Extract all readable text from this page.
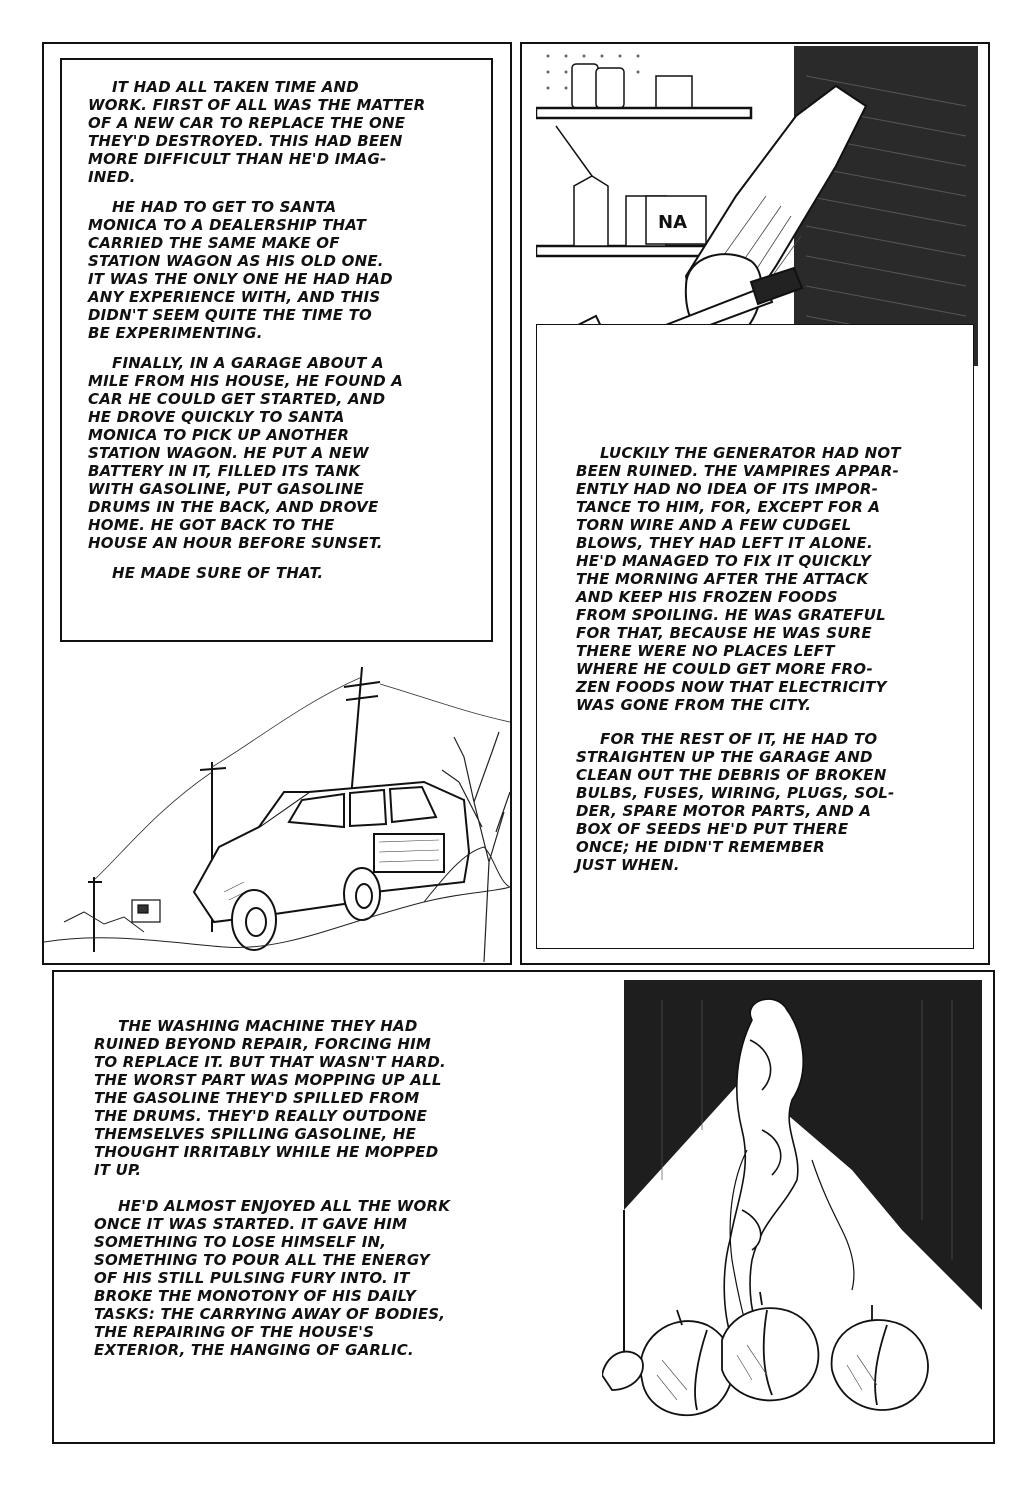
IT HAD ALL TAKEN TIME AND
WORK. FIRST OF ALL WAS THE MATTER
OF A NEW CAR TO REPLACE THE ONE
THEY'D DESTROYED. THIS HAD BEEN
MORE DIFFICULT THAN HE'D IMAG-
INED.

HE HAD TO GET TO SANTA
MONICA TO A DEALERSHIP THAT
CARRIED THE SAME MAKE OF
STATION WAGON AS HIS OLD ONE.
IT WAS THE ONLY ONE HE HAD HAD
ANY EXPERIENCE WITH, AND THIS
DIDN'T SEEM QUITE THE TIME TO
BE EXPERIMENTING.

FINALLY, IN A GARAGE ABOUT A
MILE FROM HIS HOUSE, HE FOUND A
CAR HE COULD GET STARTED, AND
HE DROVE QUICKLY TO SANTA
MONICA TO PICK UP ANOTHER
STATION WAGON. HE PUT A NEW
BATTERY IN IT, FILLED ITS TANK
WITH GASOLINE, PUT GASOLINE
DRUMS IN THE BACK, AND DROVE
HOME. HE GOT BACK TO THE
HOUSE AN HOUR BEFORE SUNSET.

HE MADE SURE OF THAT.

NA

LUCKILY THE GENERATOR HAD NOT
BEEN RUINED. THE VAMPIRES APPAR-
ENTLY HAD NO IDEA OF ITS IMPOR-
TANCE TO HIM, FOR, EXCEPT FOR A
TORN WIRE AND A FEW CUDGEL
BLOWS, THEY HAD LEFT IT ALONE.
HE'D MANAGED TO FIX IT QUICKLY
THE MORNING AFTER THE ATTACK
AND KEEP HIS FROZEN FOODS
FROM SPOILING. HE WAS GRATEFUL
FOR THAT, BECAUSE HE WAS SURE
THERE WERE NO PLACES LEFT
WHERE HE COULD GET MORE FRO-
ZEN FOODS NOW THAT ELECTRICITY
WAS GONE FROM THE CITY.

FOR THE REST OF IT, HE HAD TO
STRAIGHTEN UP THE GARAGE AND
CLEAN OUT THE DEBRIS OF BROKEN
BULBS, FUSES, WIRING, PLUGS, SOL-
DER, SPARE MOTOR PARTS, AND A
BOX OF SEEDS HE'D PUT THERE
ONCE; HE DIDN'T REMEMBER
JUST WHEN.

THE WASHING MACHINE THEY HAD
RUINED BEYOND REPAIR, FORCING HIM
TO REPLACE IT. BUT THAT WASN'T HARD.
THE WORST PART WAS MOPPING UP ALL
THE GASOLINE THEY'D SPILLED FROM
THE DRUMS. THEY'D REALLY OUTDONE
THEMSELVES SPILLING GASOLINE, HE
THOUGHT IRRITABLY WHILE HE MOPPED
IT UP.

HE'D ALMOST ENJOYED ALL THE WORK
ONCE IT WAS STARTED. IT GAVE HIM
SOMETHING TO LOSE HIMSELF IN,
SOMETHING TO POUR ALL THE ENERGY
OF HIS STILL PULSING FURY INTO. IT
BROKE THE MONOTONY OF HIS DAILY
TASKS: THE CARRYING AWAY OF BODIES,
THE REPAIRING OF THE HOUSE'S
EXTERIOR, THE HANGING OF GARLIC.
